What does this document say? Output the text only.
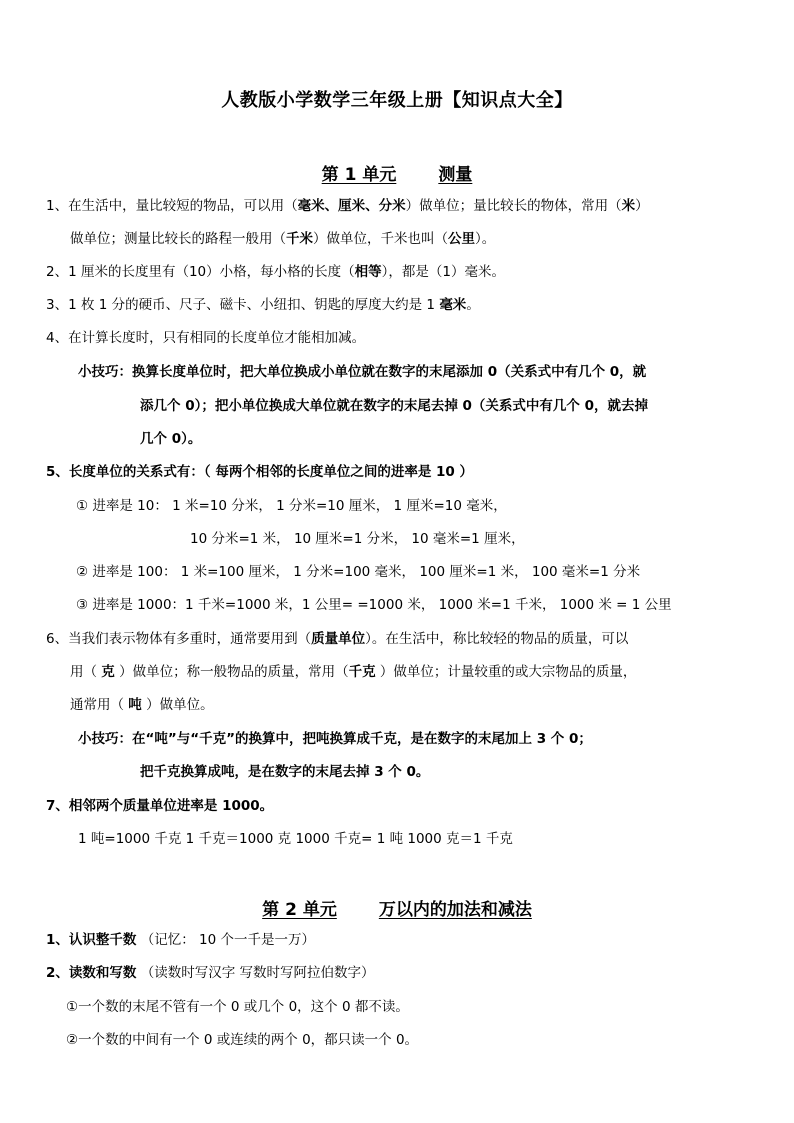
人教版小学数学三年级上册【知识点大全】
第 1 单元 测量
1、在生活中，量比较短的物品，可以用（毫米、厘米、分米）做单位；量比较长的物体，常用（米）
做单位；测量比较长的路程一般用（千米）做单位，千米也叫（公里）。
2、1 厘米的长度里有（10）小格，每小格的长度（相等），都是（1）毫米。
3、1 枚 1 分的硬币、尺子、磁卡、小纽扣、钥匙的厚度大约是 1 毫米。
4、在计算长度时，只有相同的长度单位才能相加减。
小技巧：换算长度单位时，把大单位换成小单位就在数字的末尾添加 0（关系式中有几个 0，就
添几个 0）；把小单位换成大单位就在数字的末尾去掉 0（关系式中有几个 0，就去掉
几个 0）。
5、长度单位的关系式有：（ 每两个相邻的长度单位之间的进率是 10 ）
① 进率是 10： 1 米=10 分米， 1 分米=10 厘米， 1 厘米=10 毫米，
10 分米=1 米， 10 厘米=1 分米， 10 毫米=1 厘米，
② 进率是 100： 1 米=100 厘米， 1 分米=100 毫米， 100 厘米=1 米， 100 毫米=1 分米
③ 进率是 1000：1 千米=1000 米，1 公里= =1000 米， 1000 米=1 千米， 1000 米 = 1 公里
6、当我们表示物体有多重时，通常要用到（质量单位）。在生活中，称比较轻的物品的质量，可以
用（ 克 ）做单位；称一般物品的质量，常用（千克 ）做单位；计量较重的或大宗物品的质量，
通常用（ 吨 ）做单位。
小技巧：在“吨”与“千克”的换算中，把吨换算成千克，是在数字的末尾加上 3 个 0；
把千克换算成吨，是在数字的末尾去掉 3 个 0。
7、相邻两个质量单位进率是 1000。
1 吨=1000 千克 1 千克＝1000 克 1000 千克= 1 吨 1000 克＝1 千克
第 2 单元 万以内的加法和减法
1、认识整千数 （记忆： 10 个一千是一万）
2、读数和写数 （读数时写汉字 写数时写阿拉伯数字）
①一个数的末尾不管有一个 0 或几个 0，这个 0 都不读。
②一个数的中间有一个 0 或连续的两个 0，都只读一个 0。
